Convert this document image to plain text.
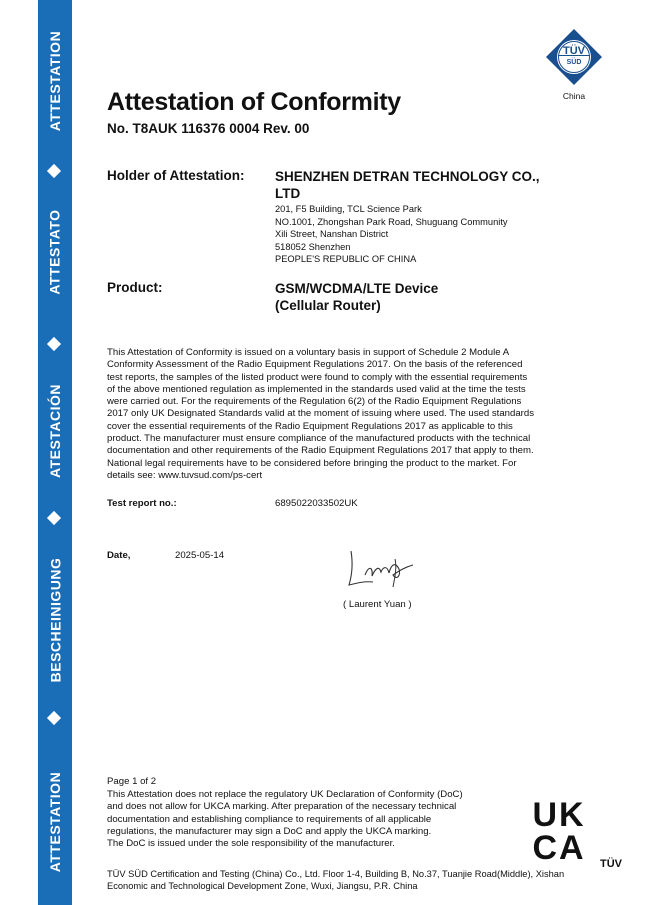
ATTESTATION
ATTESTATO
ATESTACIÓN
BESCHEINIGUNG
ATTESTATION
TÜV
SÜD
China
Attestation of Conformity
No. T8AUK 116376 0004 Rev. 00
Holder of Attestation: SHENZHEN DETRAN TECHNOLOGY CO.,
LTD
201, F5 Building, TCL Science Park
NO.1001, Zhongshan Park Road, Shuguang Community
Xili Street, Nanshan District
518052 Shenzhen
PEOPLE'S REPUBLIC OF CHINA
Product:	GSM/WCDMA/LTE Device
(Cellular Router)
This Attestation of Conformity is issued on a voluntary basis in support of Schedule 2 Module A
Conformity Assessment of the Radio Equipment Regulations 2017. On the basis of the referenced
test reports, the samples of the listed product were found to comply with the essential requirements
of the above mentioned regulation as implemented in the standards used valid at the time the tests
were carried out. For the requirements of the Regulation 6(2) of the Radio Equipment Regulations
2017 only UK Designated Standards valid at the moment of issuing where used. The used standards
cover the essential requirements of the Radio Equipment Regulations 2017 as applicable to this
product. The manufacturer must ensure compliance of the manufactured products with the technical
documentation and other requirements of the Radio Equipment Regulations 2017 that apply to them.
National legal requirements have to be considered before bringing the product to the market. For
details see: www.tuvsud.com/ps-cert
Test report no.:	6895022033502UK
Date,	2025-05-14
( Laurent Yuan )
Page 1 of 2
This Attestation does not replace the regulatory UK Declaration of Conformity (DoC)
and does not allow for UKCA marking. After preparation of the necessary technical
documentation and establishing compliance to requirements of all applicable
regulations, the manufacturer may sign a DoC and apply the UKCA marking.
The DoC is issued under the sole responsibility of the manufacturer.
UK
CA TÜV
TÜV SÜD Certification and Testing (China) Co., Ltd. Floor 1-4, Building B, No.37, Tuanjie Road(Middle), Xishan
Economic and Technological Development Zone, Wuxi, Jiangsu, P.R. China
